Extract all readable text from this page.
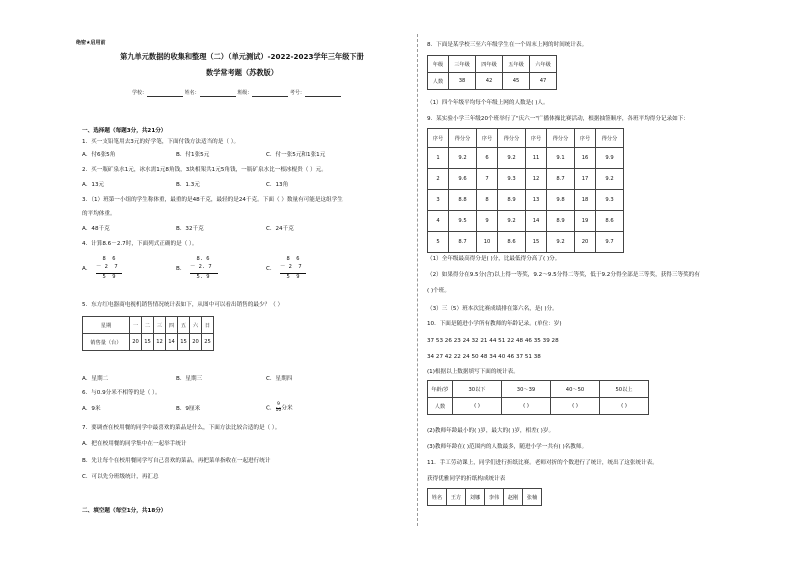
绝密★启用前
第九单元数据的收集和整理（二）（单元测试）-2022-2023学年三年级下册
数学常考题（苏教版）
学校：	姓名：	班级：	考号：
一、选择题（每题3分，共21分）
1．买一支铅笔用去3元的好学笔，下面付钱方法适当的是（ ）。
A．付6张5角	B．付1张5元	C．付一张5元和1张1元
2．买一瓶矿泉水1元，冰水需1元8角钱，3块相架共1元5角钱，一瓶矿泉水比一根冰棍贵（ ）元。
A．13元	B．1.3元	C．13角
3．（1）班第一小组的学生称体重，最重的是48千克，最轻的是24千克。下面（ ）数量有可能是这组学生
的平均体重。
A．48千克	B．32千克	C．24千克
4．计算8.6－2.7时，下面列式正确的是（ ）。
A．
8  6
－ 2  7
5  9
B．
8. 6
－ 2. 7
5. 9
C．
8  6
－ 2  7
5  9
5．东方红电器商电视机销售情况统计表如下，从图中可以看出销售的最少？（ ）
星期	一	二	三	四	五	六	日
销售量（台）	20	15	12	14	15	20	25
A．星期二	B．星期三	C．星期四
6．与0.9分米不相等的是（ ）。
A．9米	B．9厘米	C． $\frac{9}{10}$ 分米
7．要调查在校用餐的同学中最喜欢的菜品是什么，下面方法比较合适的是（ ）。
A．把在校用餐的同学集中在一起举手统计
B．先让每个在校用餐同学写自己喜欢的菜品，再把菜单指收在一起进行统计
C．可以先分班级统计，再汇总
二、填空题（每空1分，共18分）
8．下面是某学校三至六年级学生在一个周末上网的时间统计表。
年级	三年级	四年级	五年级	六年级
人数	38	42	45	47
（1）四个年级平均每个年级上网的人数是( )人。
9．某实验小学三年级20个班举行了"庆六一"广播体操比赛活动，根据抽签顺序，各班平均得分记录如下：
序号	得分分	序号	得分分	序号	得分分	序号	得分分
1	9.2	6	9.2	11	9.1	16	9.9
2	9.6	7	9.3	12	8.7	17	9.2
3	8.8	8	8.9	13	9.8	18	9.3
4	9.5	9	9.2	14	8.9	19	8.6
5	8.7	10	8.6	15	9.2	20	9.7
（1）全年级最高得分是( )分，比最低得分高了( )分。
（2）如果得分在9.5分(含)以上得一等奖，9.2～9.5分得二等奖，低于9.2分得全部是三等奖，获得三等奖的有
( )个班。
（3）三（5）班本次比赛成绩排在第六名，是( )分。
10．下面是随进小学所有教师的年龄记录。(单位：岁)
37 53 26 23 24 32 21 44 51 22 48 46 35 39 28
34 27 42 22 24 50 48 34 40 46 37 51 38
(1)根据以上数据填写下面的统计表。
年龄/岁	30以下	30～39	40～50	50以上
人数	( )	( )	( )	( )
(2)教师年龄最小的( )岁，最大的( )岁，相差( )岁。
(3)教师年龄在( )范围内的人数最多，随进小学一共有( )名教师。
11．手工劳动课上，同学们进行折纸比赛。老师对折的个数进行了统计，统出了这张统计表。
获得优雅同学的折纸构成统计表
姓名	王方	刘娜	李伟	赵刚	张楠
